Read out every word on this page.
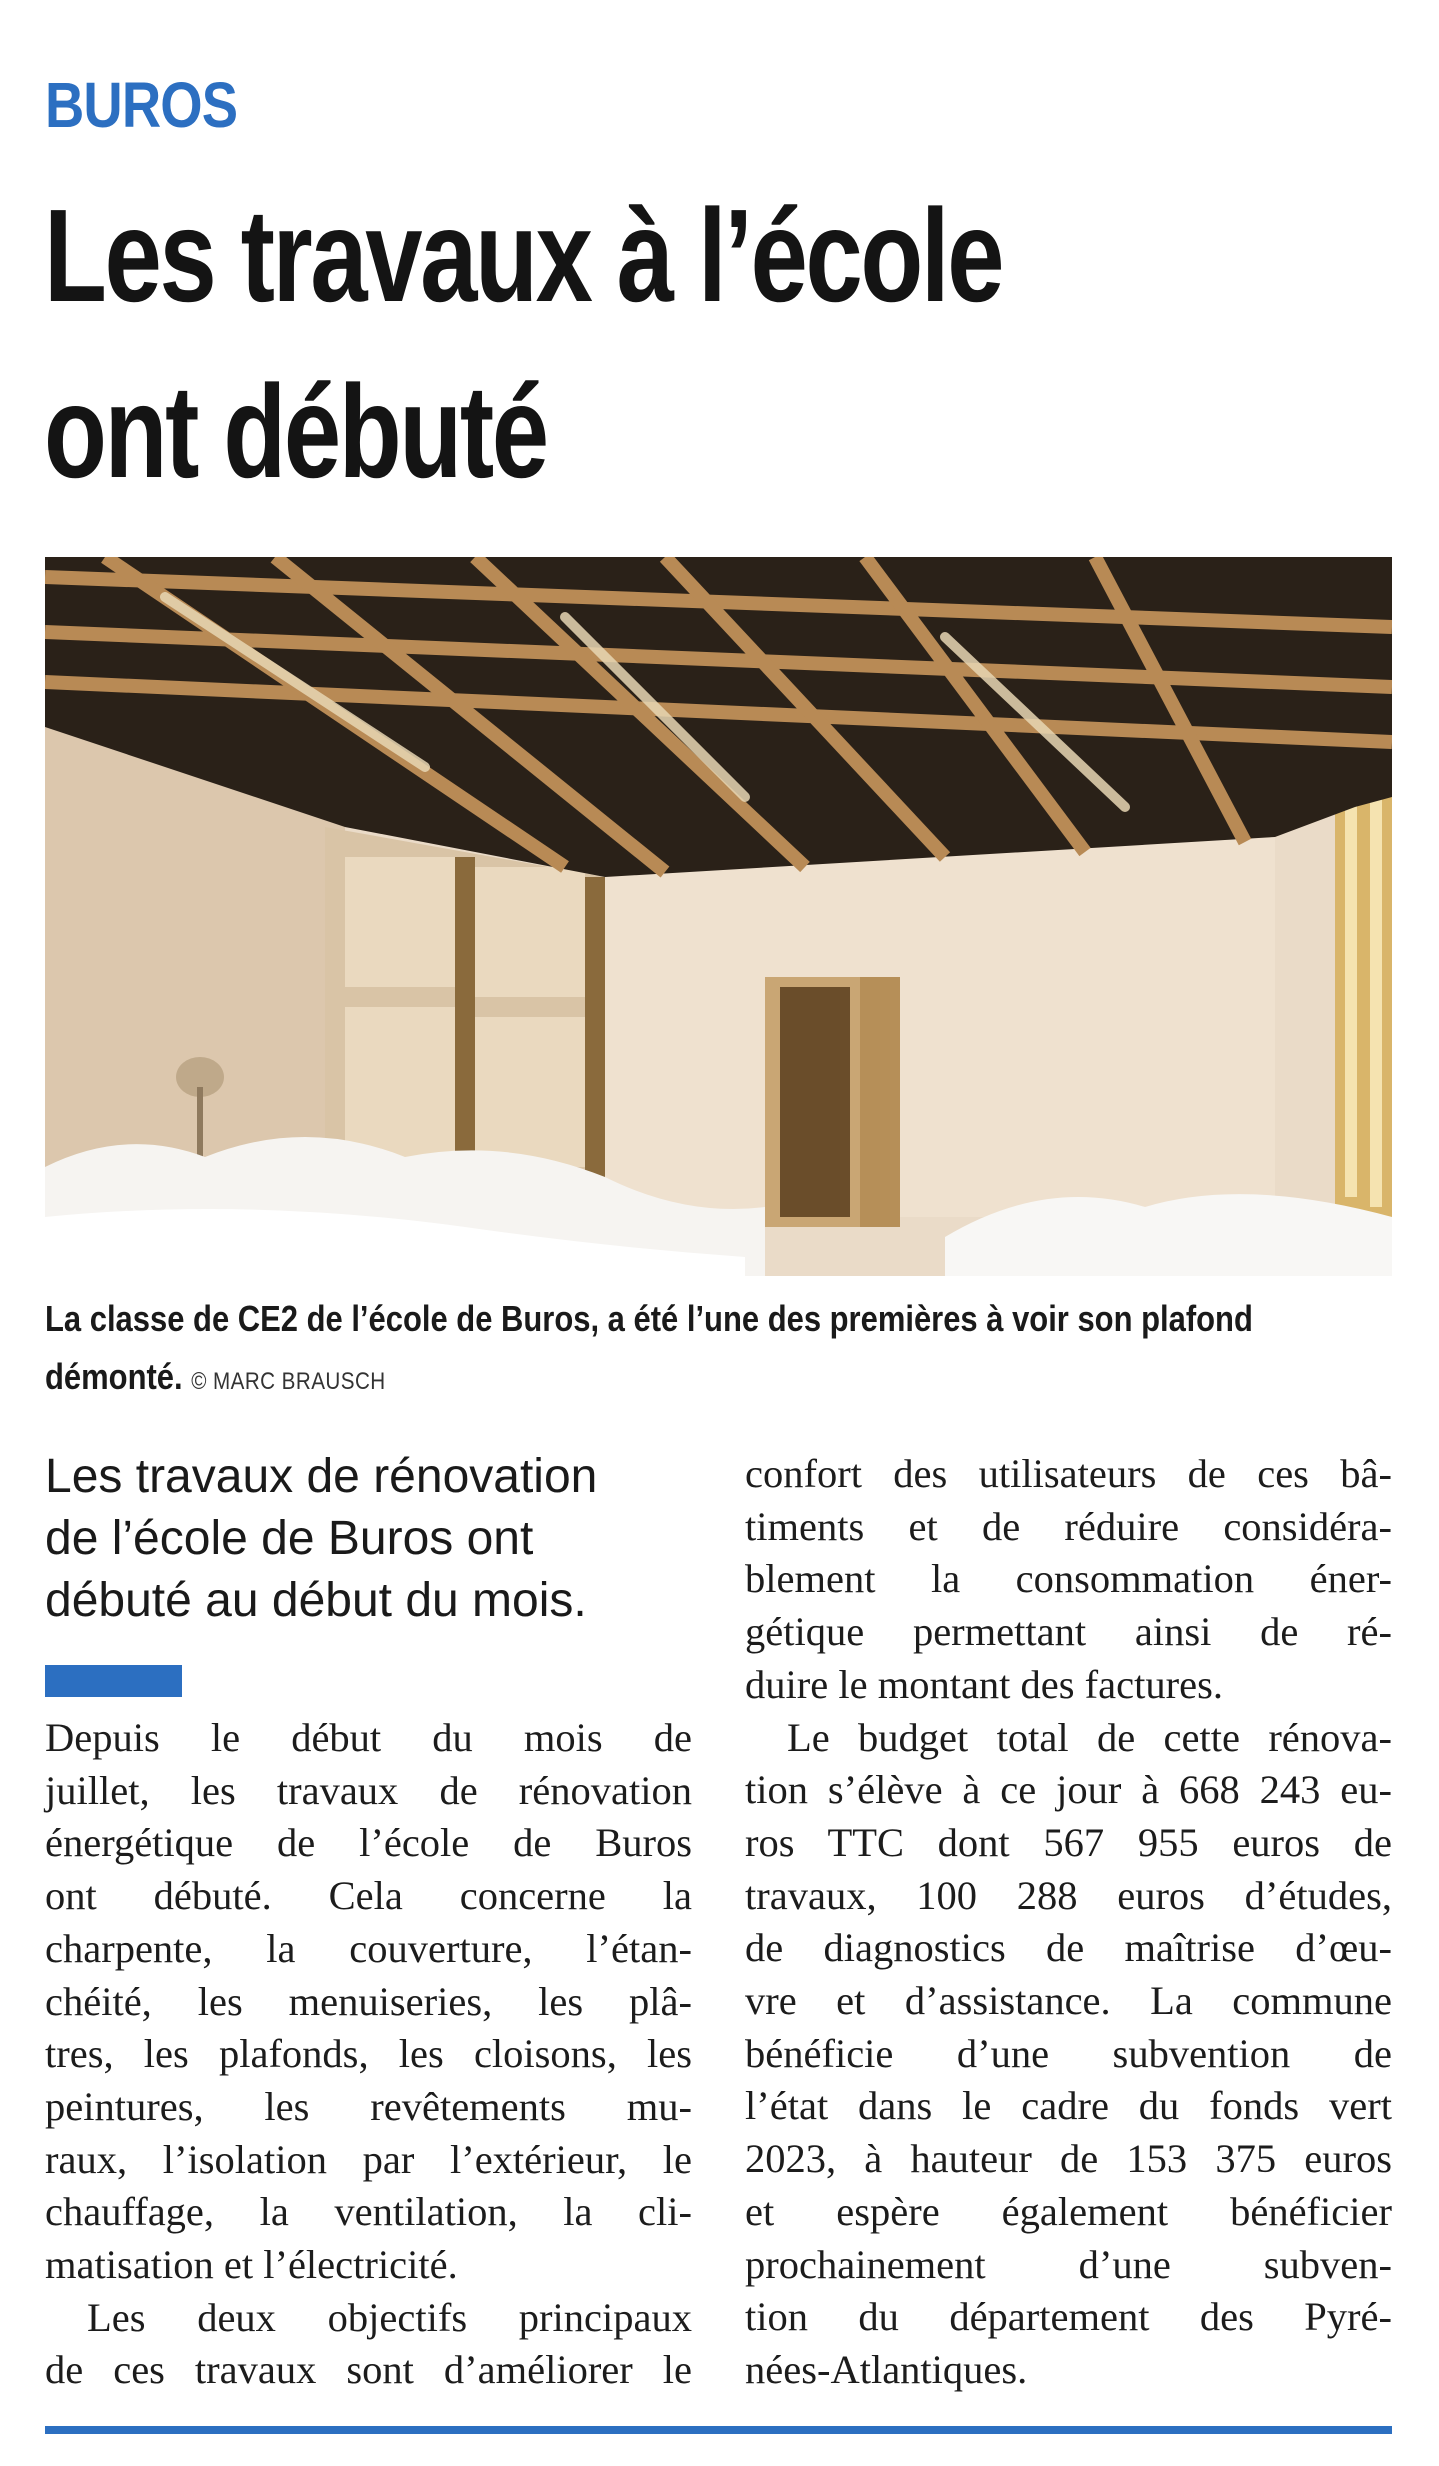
BUROS
Les travaux à l’école
ont débuté
La classe de CE2 de l’école de Buros, a été l’une des premières à voir son plafond
démonté. © MARC BRAUSCH
Les travaux de rénovation
de l’école de Buros ont
débuté au début du mois.
Depuis le début du mois de
juillet, les travaux de rénovation
énergétique de l’école de Buros
ont débuté. Cela concerne la
charpente, la couverture, l’étan-
chéité, les menuiseries, les plâ-
tres, les plafonds, les cloisons, les
peintures, les revêtements mu-
raux, l’isolation par l’extérieur, le
chauffage, la ventilation, la cli-
matisation et l’électricité.
Les deux objectifs principaux
de ces travaux sont d’améliorer le
confort des utilisateurs de ces bâ-
timents et de réduire considéra-
blement la consommation éner-
gétique permettant ainsi de ré-
duire le montant des factures.
Le budget total de cette rénova-
tion s’élève à ce jour à 668 243 eu-
ros TTC dont 567 955 euros de
travaux, 100 288 euros d’études,
de diagnostics de maîtrise d’œu-
vre et d’assistance. La commune
bénéficie d’une subvention de
l’état dans le cadre du fonds vert
2023, à hauteur de 153 375 euros
et espère également bénéficier
prochainement d’une subven-
tion du département des Pyré-
nées-Atlantiques.
